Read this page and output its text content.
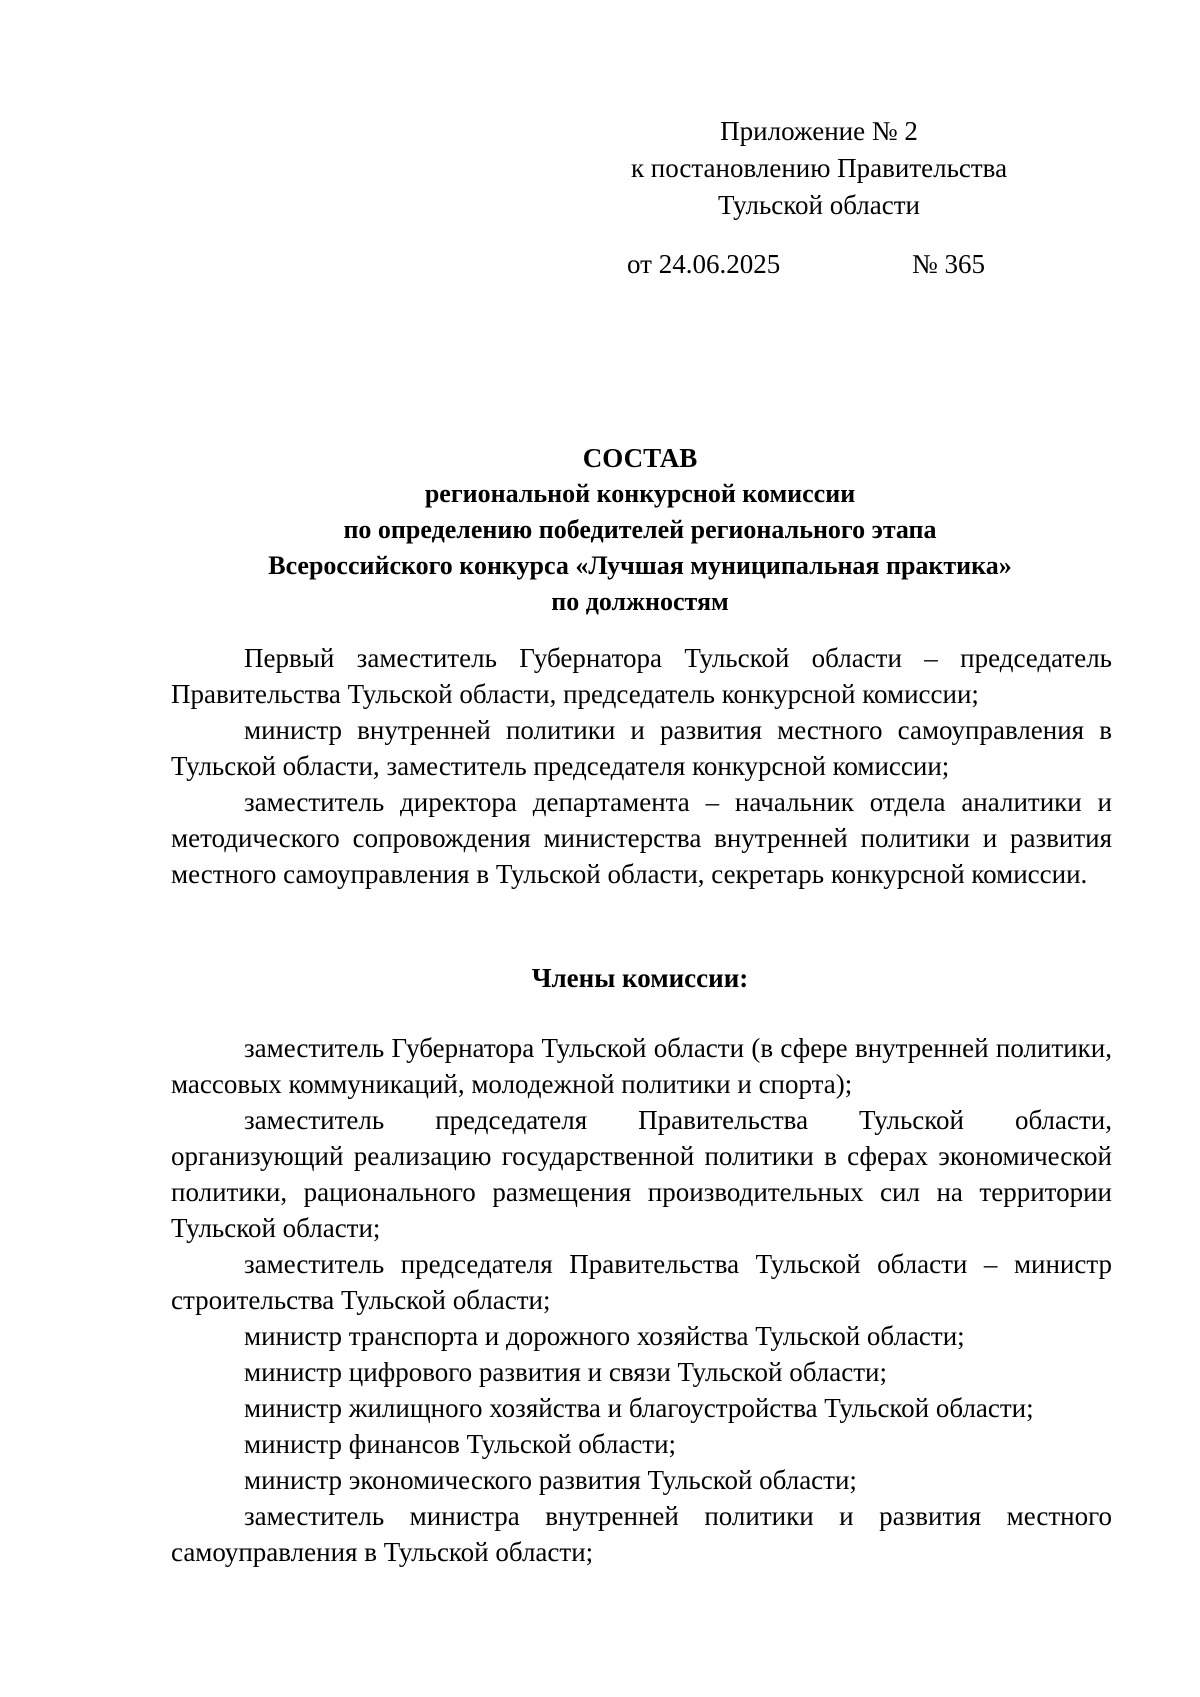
Приложение № 2
к постановлению Правительства
Тульской области
от 24.06.2025	№ 365
СОСТАВ
региональной конкурсной комиссии
по определению победителей регионального этапа
Всероссийского конкурса «Лучшая муниципальная практика»
по должностям

Первый заместитель Губернатора Тульской области – председатель Правительства Тульской области, председатель конкурсной комиссии;

министр внутренней политики и развития местного самоуправления в Тульской области, заместитель председателя конкурсной комиссии;

заместитель директора департамента – начальник отдела аналитики и методического сопровождения министерства внутренней политики и развития местного самоуправления в Тульской области, секретарь конкурсной комиссии.

Члены комиссии:

заместитель Губернатора Тульской области (в сфере внутренней политики, массовых коммуникаций, молодежной политики и спорта);

заместитель председателя Правительства Тульской области, организующий реализацию государственной политики в сферах экономической политики, рационального размещения производительных сил на территории Тульской области;

заместитель председателя Правительства Тульской области – министр строительства Тульской области;

министр транспорта и дорожного хозяйства Тульской области;

министр цифрового развития и связи Тульской области;

министр жилищного хозяйства и благоустройства Тульской области;

министр финансов Тульской области;

министр экономического развития Тульской области;

заместитель министра внутренней политики и развития местного самоуправления в Тульской области;
